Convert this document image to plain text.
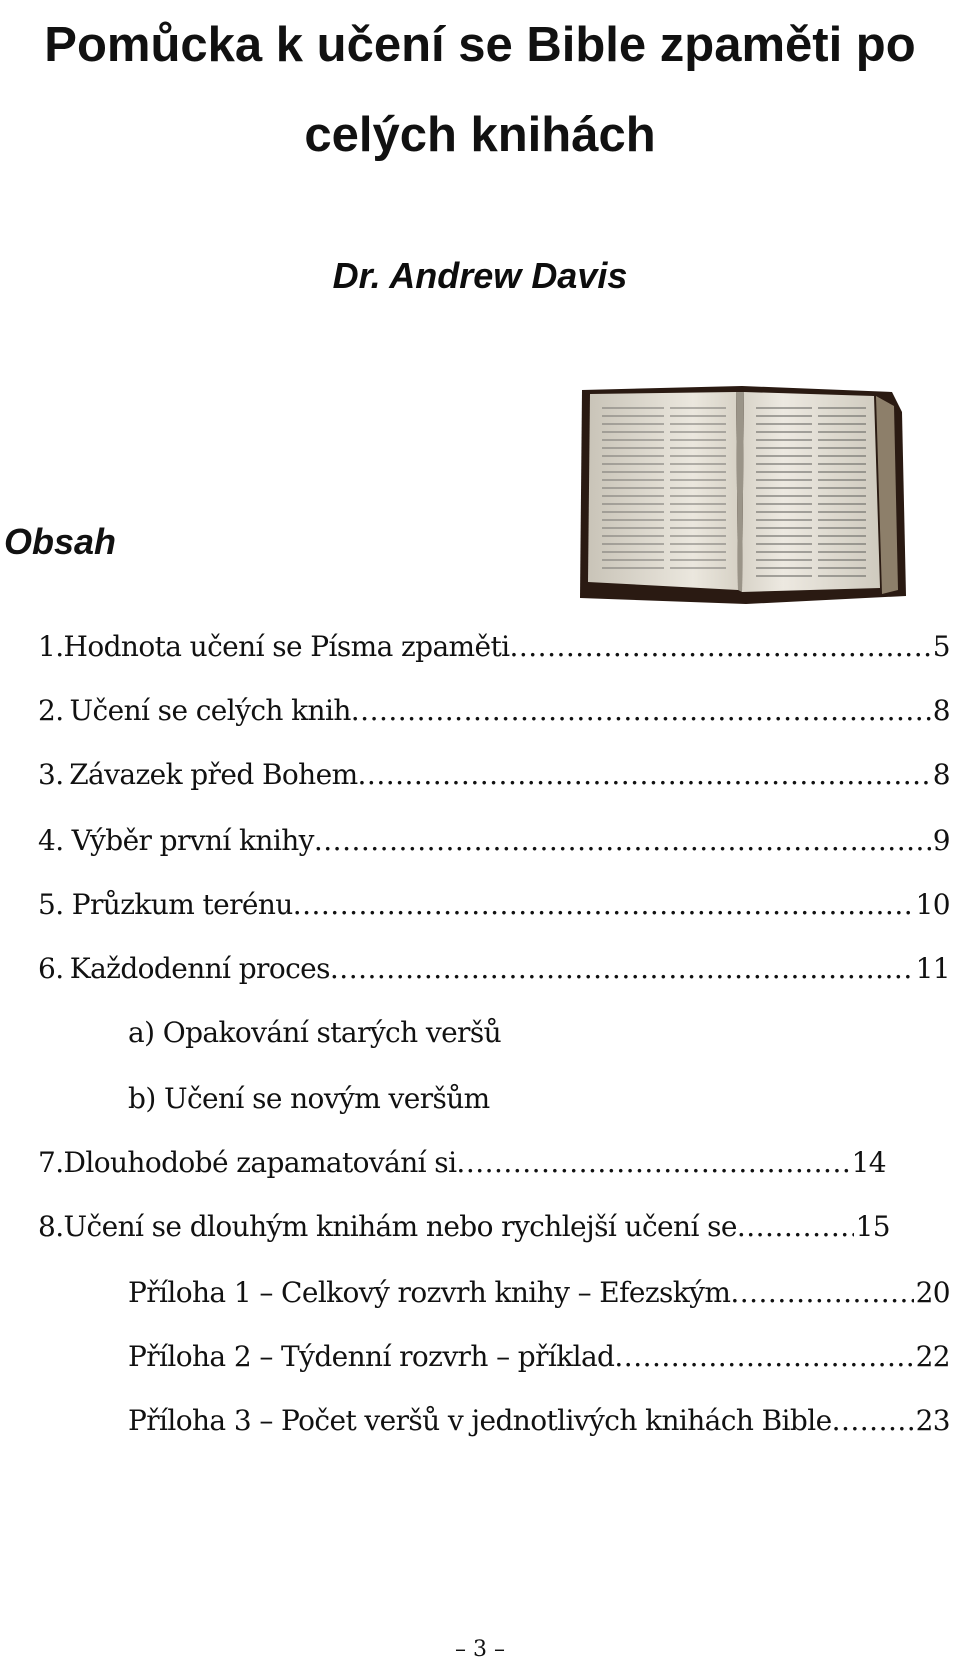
Pomůcka k učení se Bible zpaměti po
celých knihách
Dr. Andrew Davis
Obsah
1. Hodnota učení se Písma zpaměti .....	5
2. Učení se celých knih .....	8
3. Závazek před Bohem .....	8
4. Výběr první knihy .....	9
5. Průzkum terénu .....	10
6. Každodenní proces .....	11
a) Opakování starých veršů
b) Učení se novým veršům
7. Dlouhodobé zapamatování si .....	14
8. Učení se dlouhým knihám nebo rychlejší učení se .....	15
Příloha 1 – Celkový rozvrh knihy – Efezským .....	20
Příloha 2 – Týdenní rozvrh – příklad .....	22
Příloha 3 – Počet veršů v jednotlivých knihách Bible .....	23
– 3 –
